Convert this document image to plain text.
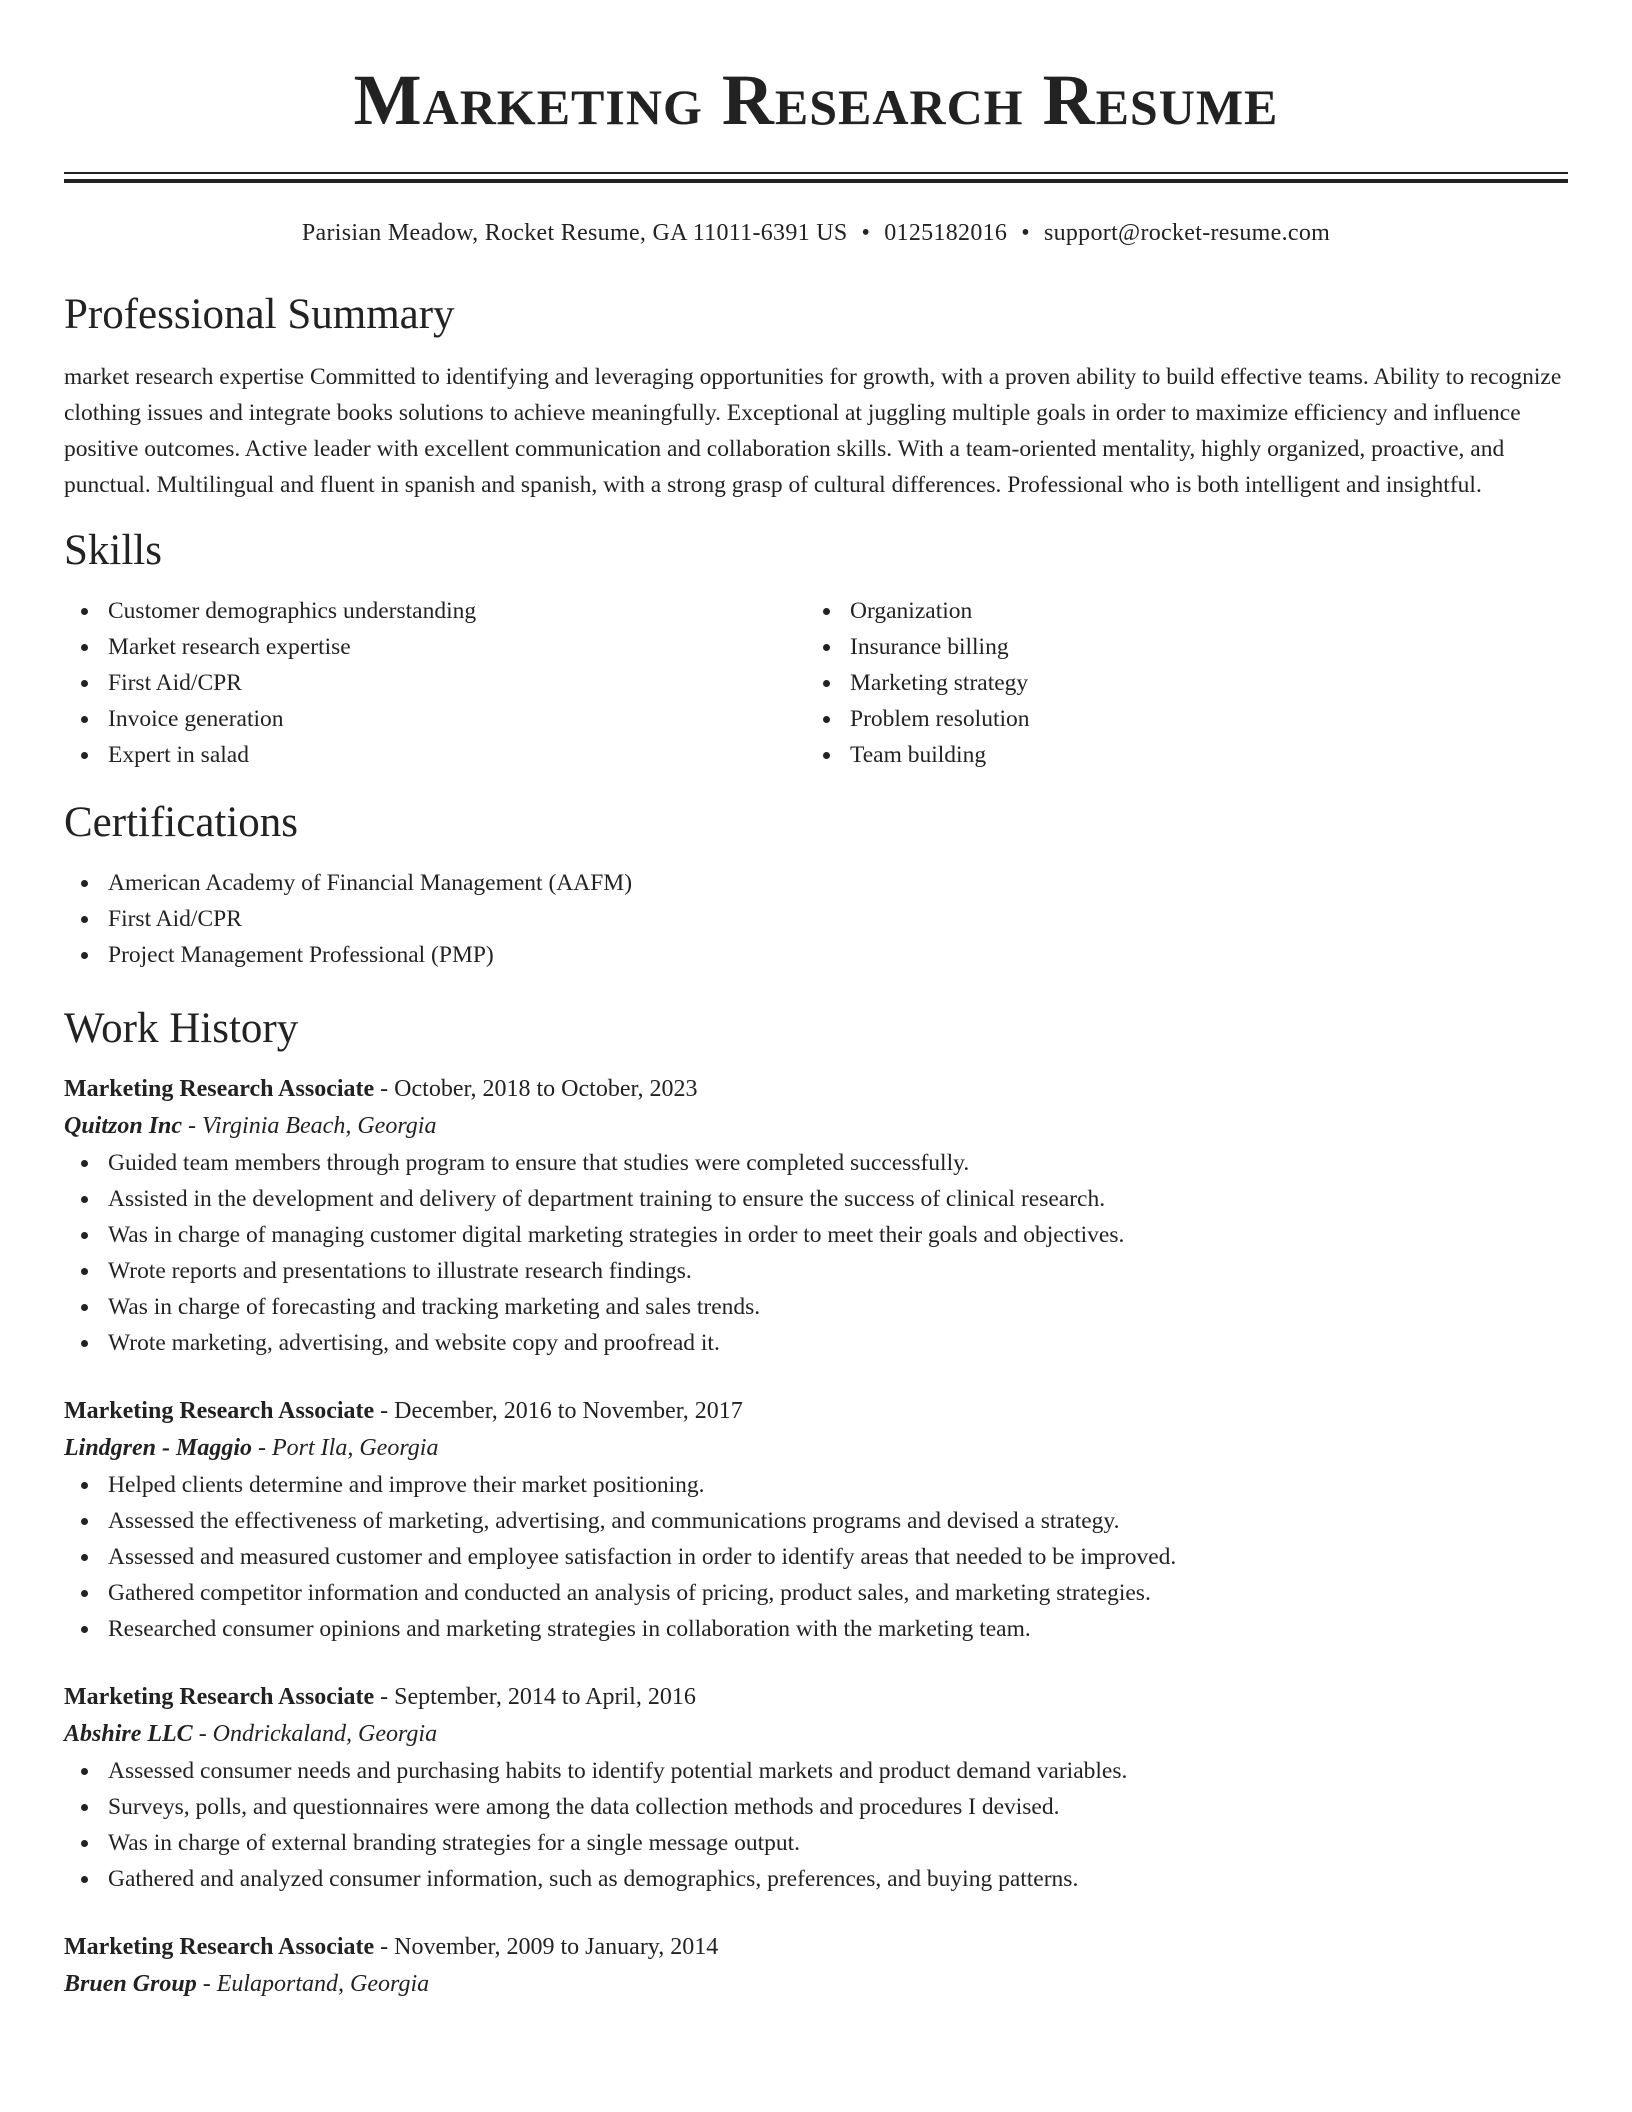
Marketing Research Resume
Parisian Meadow, Rocket Resume, GA 11011-6391 US • 0125182016 • support@rocket-resume.com
Professional Summary

market research expertise Committed to identifying and leveraging opportunities for growth, with a proven ability to build effective teams. Ability to recognize clothing issues and integrate books solutions to achieve meaningfully. Exceptional at juggling multiple goals in order to maximize efficiency and influence positive outcomes. Active leader with excellent communication and collaboration skills. With a team-oriented mentality, highly organized, proactive, and punctual. Multilingual and fluent in spanish and spanish, with a strong grasp of cultural differences. Professional who is both intelligent and insightful.

Skills
Customer demographics understanding
Market research expertise
First Aid/CPR
Invoice generation
Expert in salad
Organization
Insurance billing
Marketing strategy
Problem resolution
Team building
Certifications
American Academy of Financial Management (AAFM)
First Aid/CPR
Project Management Professional (PMP)
Work History
Marketing Research Associate - October, 2018 to October, 2023
Quitzon Inc - Virginia Beach, Georgia
Guided team members through program to ensure that studies were completed successfully.
Assisted in the development and delivery of department training to ensure the success of clinical research.
Was in charge of managing customer digital marketing strategies in order to meet their goals and objectives.
Wrote reports and presentations to illustrate research findings.
Was in charge of forecasting and tracking marketing and sales trends.
Wrote marketing, advertising, and website copy and proofread it.
Marketing Research Associate - December, 2016 to November, 2017
Lindgren - Maggio - Port Ila, Georgia
Helped clients determine and improve their market positioning.
Assessed the effectiveness of marketing, advertising, and communications programs and devised a strategy.
Assessed and measured customer and employee satisfaction in order to identify areas that needed to be improved.
Gathered competitor information and conducted an analysis of pricing, product sales, and marketing strategies.
Researched consumer opinions and marketing strategies in collaboration with the marketing team.
Marketing Research Associate - September, 2014 to April, 2016
Abshire LLC - Ondrickaland, Georgia
Assessed consumer needs and purchasing habits to identify potential markets and product demand variables.
Surveys, polls, and questionnaires were among the data collection methods and procedures I devised.
Was in charge of external branding strategies for a single message output.
Gathered and analyzed consumer information, such as demographics, preferences, and buying patterns.
Marketing Research Associate - November, 2009 to January, 2014
Bruen Group - Eulaportand, Georgia
